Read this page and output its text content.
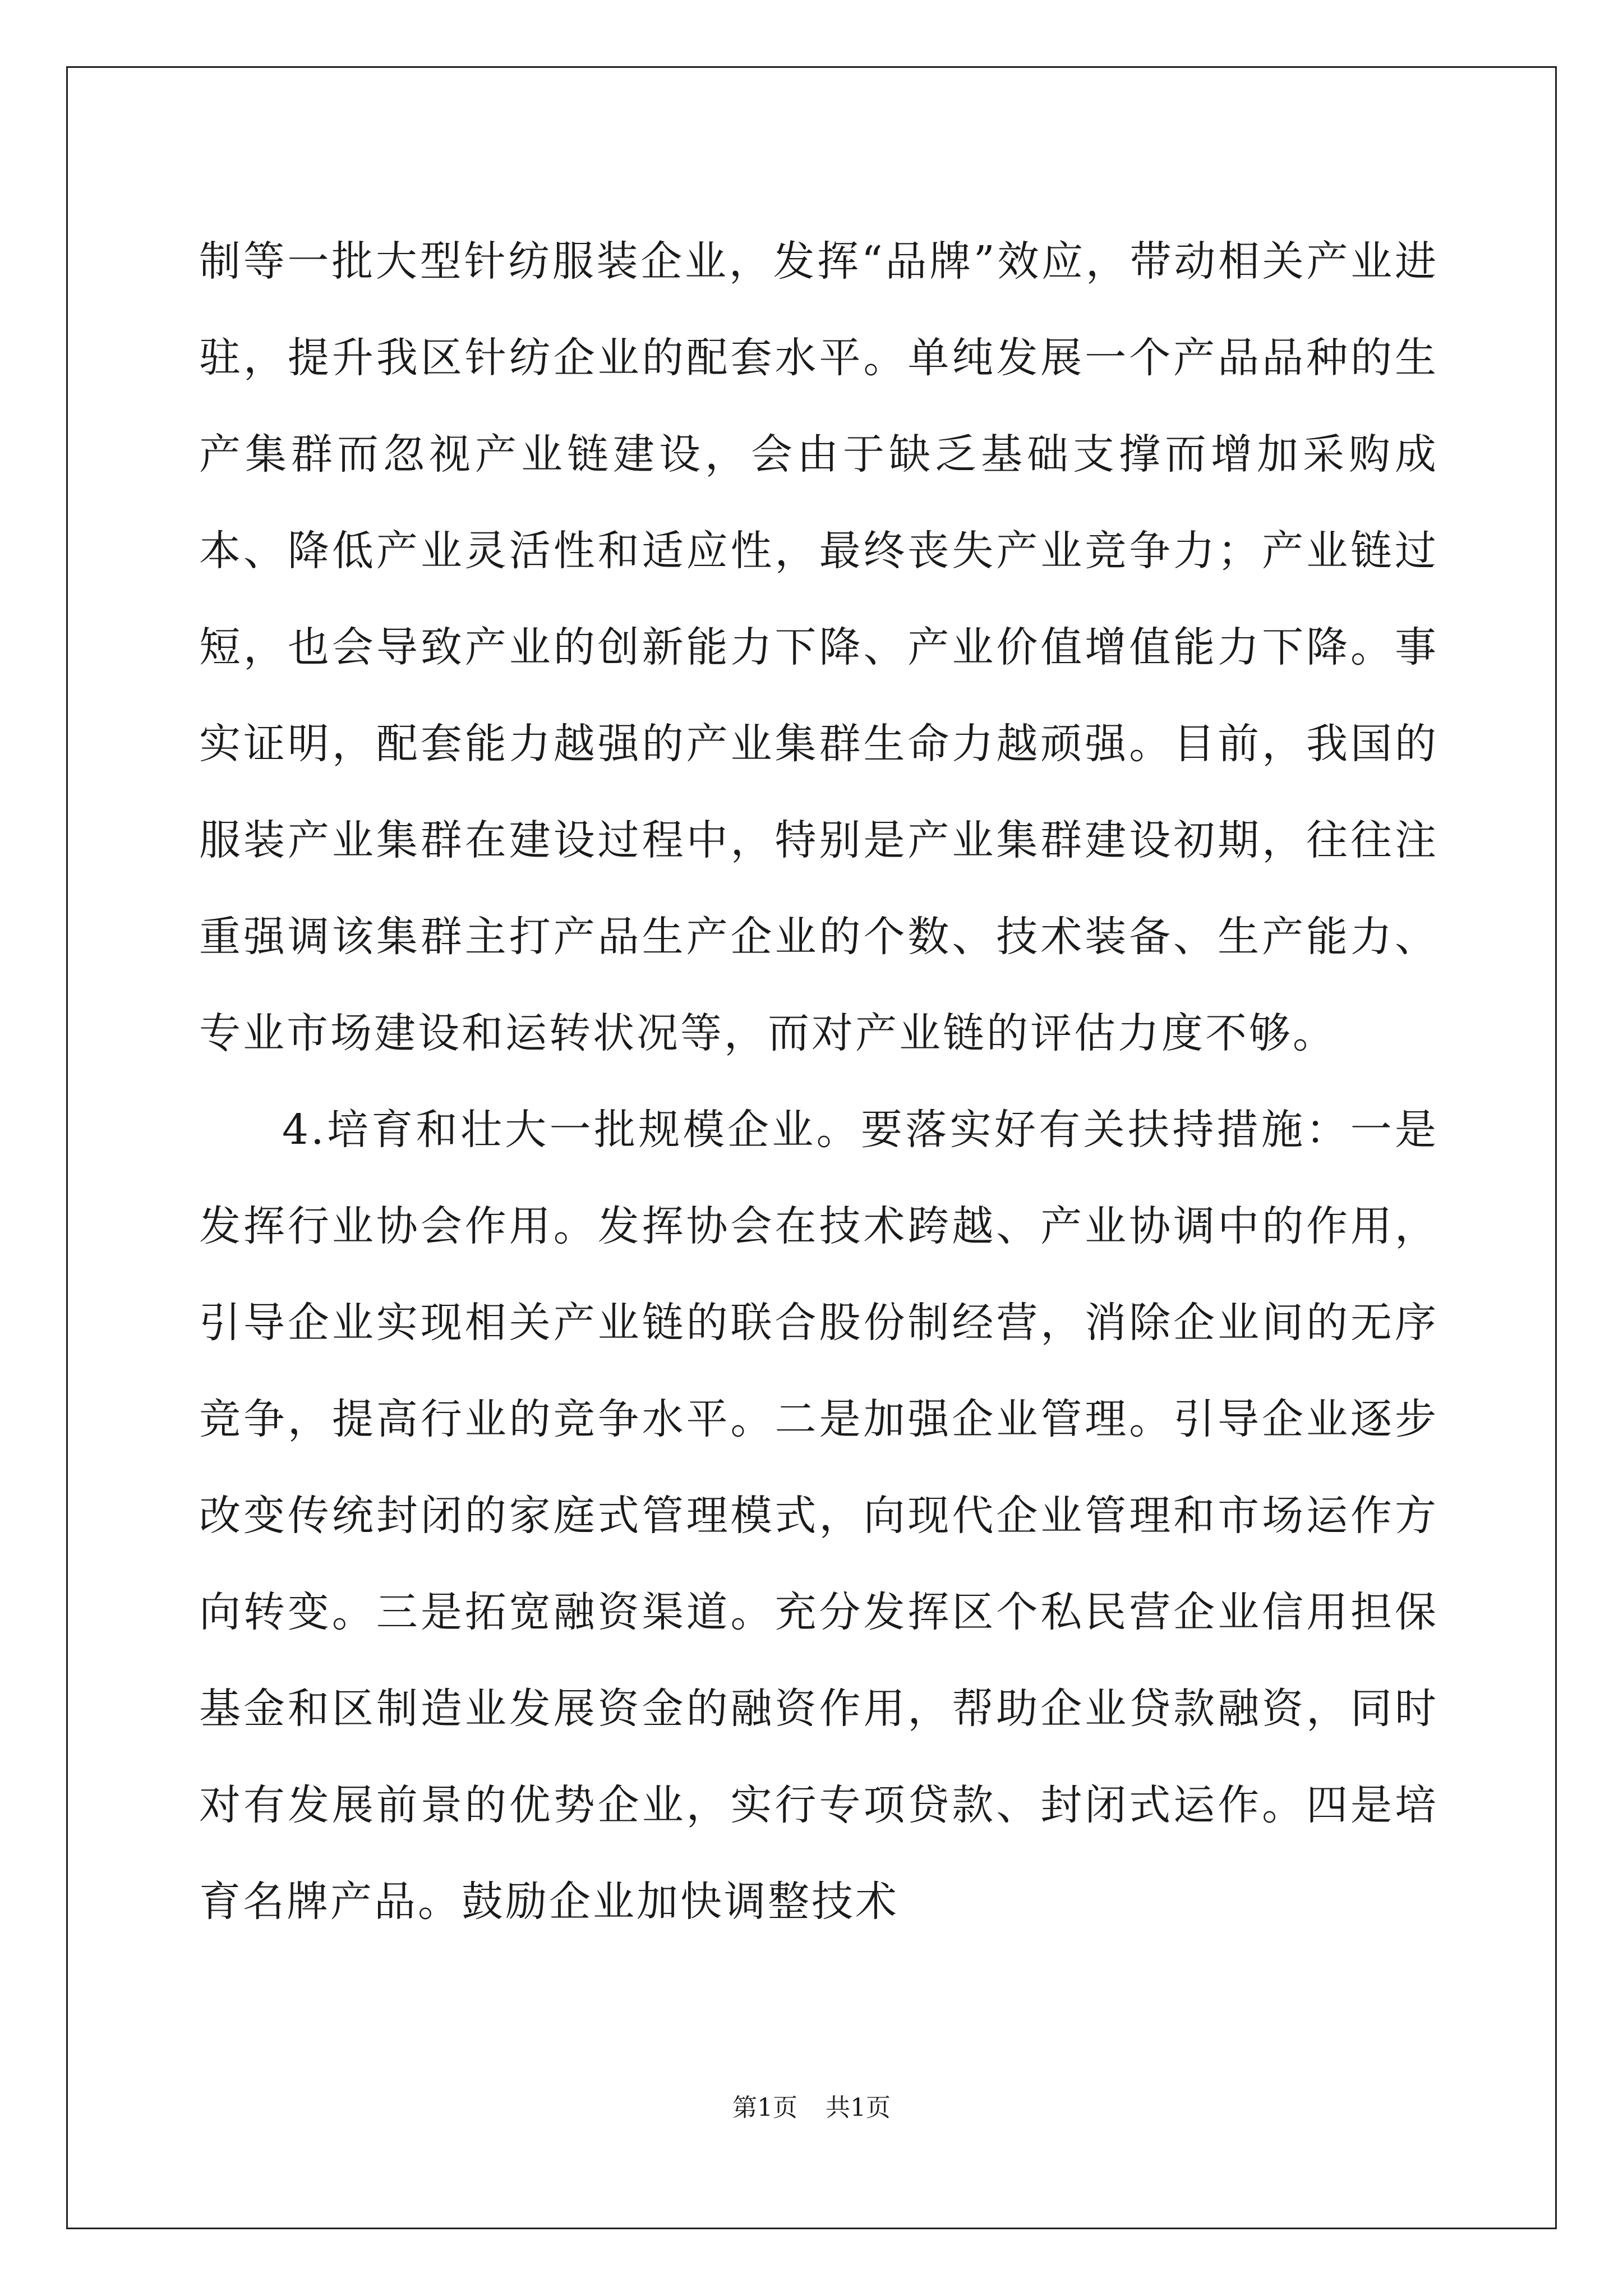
制等一批大型针纺服装企业，发挥“品牌”效应，带动相关产业进驻，提升我区针纺企业的配套水平。单纯发展一个产品品种的生产集群而忽视产业链建设，会由于缺乏基础支撑而增加采购成本、降低产业灵活性和适应性，最终丧失产业竞争力；产业链过短，也会导致产业的创新能力下降、产业价值增值能力下降。事实证明，配套能力越强的产业集群生命力越顽强。目前，我国的服装产业集群在建设过程中，特别是产业集群建设初期，往往注重强调该集群主打产品生产企业的个数、技术装备、生产能力、专业市场建设和运转状况等，而对产业链的评估力度不够。

4.培育和壮大一批规模企业。要落实好有关扶持措施：一是发挥行业协会作用。发挥协会在技术跨越、产业协调中的作用，引导企业实现相关产业链的联合股份制经营，消除企业间的无序竞争，提高行业的竞争水平。二是加强企业管理。引导企业逐步改变传统封闭的家庭式管理模式，向现代企业管理和市场运作方向转变。三是拓宽融资渠道。充分发挥区个私民营企业信用担保基金和区制造业发展资金的融资作用，帮助企业贷款融资，同时对有发展前景的优势企业，实行专项贷款、封闭式运作。四是培育名牌产品。鼓励企业加快调整技术

第1页 共1页
